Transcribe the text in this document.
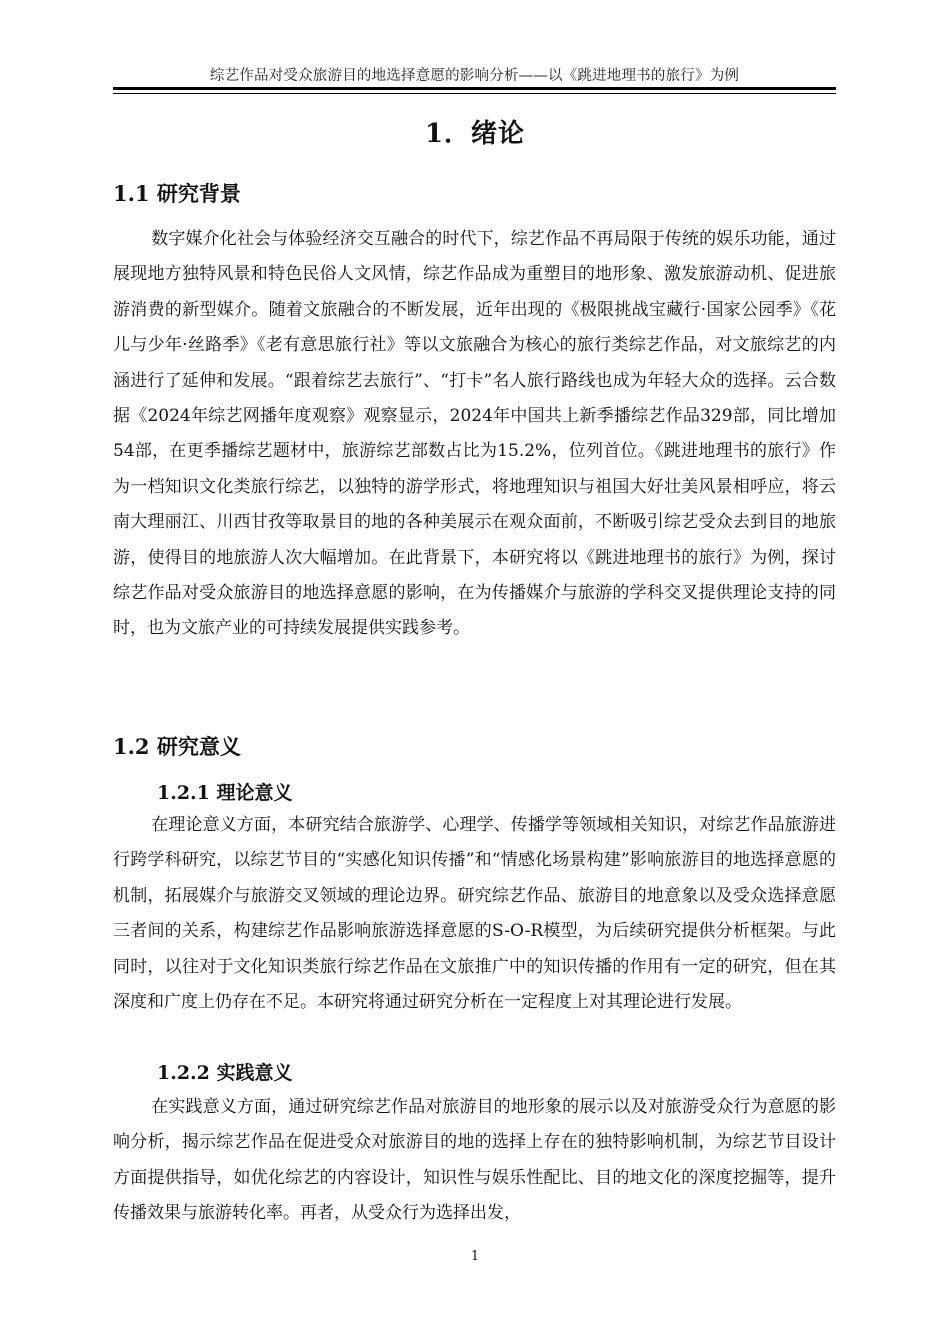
综艺作品对受众旅游目的地选择意愿的影响分析——以《跳进地理书的旅行》为例
1．绪论
1.1 研究背景
数字媒介化社会与体验经济交互融合的时代下，综艺作品不再局限于传统的娱乐功能，通过展现地方独特风景和特色民俗人文风情，综艺作品成为重塑目的地形象、激发旅游动机、促进旅游消费的新型媒介。随着文旅融合的不断发展，近年出现的《极限挑战宝藏行·国家公园季》《花儿与少年·丝路季》《老有意思旅行社》等以文旅融合为核心的旅行类综艺作品，对文旅综艺的内涵进行了延伸和发展。“跟着综艺去旅行”、“打卡”名人旅行路线也成为年轻大众的选择。云合数据《2024年综艺网播年度观察》观察显示，2024年中国共上新季播综艺作品329部，同比增加54部，在更季播综艺题材中，旅游综艺部数占比为15.2%，位列首位。《跳进地理书的旅行》作为一档知识文化类旅行综艺，以独特的游学形式，将地理知识与祖国大好壮美风景相呼应，将云南大理丽江、川西甘孜等取景目的地的各种美展示在观众面前，不断吸引综艺受众去到目的地旅游，使得目的地旅游人次大幅增加。在此背景下，本研究将以《跳进地理书的旅行》为例，探讨综艺作品对受众旅游目的地选择意愿的影响，在为传播媒介与旅游的学科交叉提供理论支持的同时，也为文旅产业的可持续发展提供实践参考。
1.2 研究意义
1.2.1 理论意义
在理论意义方面，本研究结合旅游学、心理学、传播学等领域相关知识，对综艺作品旅游进行跨学科研究，以综艺节目的“实感化知识传播”和“情感化场景构建”影响旅游目的地选择意愿的机制，拓展媒介与旅游交叉领域的理论边界。研究综艺作品、旅游目的地意象以及受众选择意愿三者间的关系，构建综艺作品影响旅游选择意愿的S-O-R模型，为后续研究提供分析框架。与此同时，以往对于文化知识类旅行综艺作品在文旅推广中的知识传播的作用有一定的研究，但在其深度和广度上仍存在不足。本研究将通过研究分析在一定程度上对其理论进行发展。
1.2.2 实践意义
在实践意义方面，通过研究综艺作品对旅游目的地形象的展示以及对旅游受众行为意愿的影响分析，揭示综艺作品在促进受众对旅游目的地的选择上存在的独特影响机制，为综艺节目设计方面提供指导，如优化综艺的内容设计，知识性与娱乐性配比、目的地文化的深度挖掘等，提升传播效果与旅游转化率。再者，从受众行为选择出发，
1
